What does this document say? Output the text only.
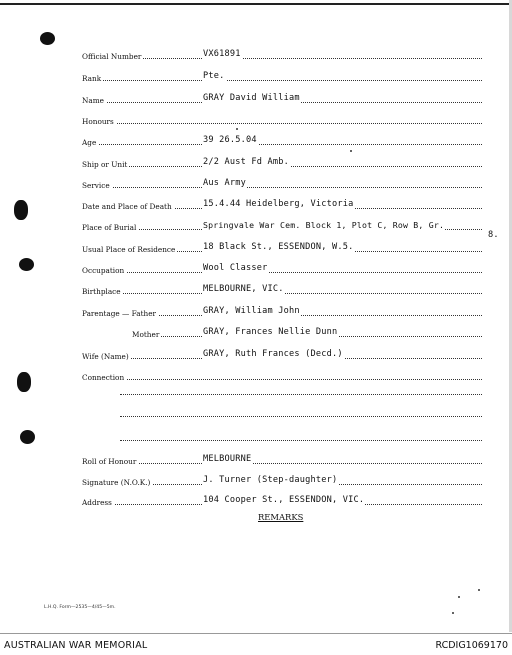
Official Number	VX61891
Rank	Pte.
Name	GRAY David William
Honours
Age	39 26.5.04
Ship or Unit	2/2 Aust Fd Amb.
Service	Aus Army
Date and Place of Death	15.4.44 Heidelberg, Victoria
Place of Burial	Springvale War Cem. Block 1, Plot C, Row B, Gr.
8.
Usual Place of Residence	18 Black St., ESSENDON, W.5.
Occupation	Wool Classer
Birthplace	MELBOURNE, VIC.
Parentage — Father	GRAY, William John
Mother	GRAY, Frances Nellie Dunn
Wife (Name)	GRAY, Ruth Frances (Decd.)
Connection
Roll of Honour	MELBOURNE
Signature (N.O.K.)	J. Turner (Step-daughter)
Address	104 Cooper St., ESSENDON, VIC.
REMARKS
L.H.Q. Form—2535—4/45—5m.
AUSTRALIAN WAR MEMORIAL	RCDIG1069170
